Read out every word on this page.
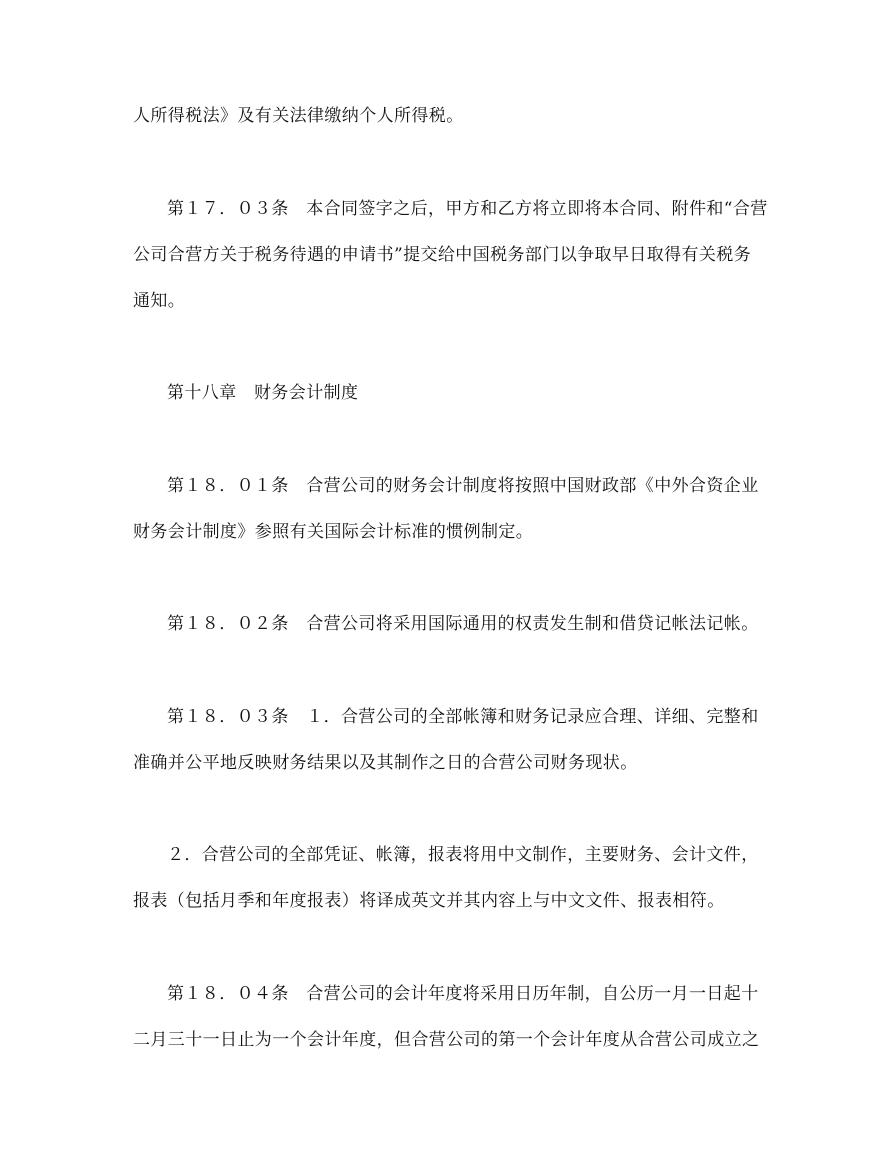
人所得税法》及有关法律缴纳个人所得税。
第１７．０３条　本合同签字之后，甲方和乙方将立即将本合同、附件和“合营
公司合营方关于税务待遇的申请书”提交给中国税务部门以争取早日取得有关税务
通知。
第十八章　财务会计制度
第１８．０１条　合营公司的财务会计制度将按照中国财政部《中外合资企业
财务会计制度》参照有关国际会计标准的惯例制定。
第１８．０２条　合营公司将采用国际通用的权责发生制和借贷记帐法记帐。
第１８．０３条　１．合营公司的全部帐簿和财务记录应合理、详细、完整和
准确并公平地反映财务结果以及其制作之日的合营公司财务现状。
２．合营公司的全部凭证、帐簿，报表将用中文制作，主要财务、会计文件，
报表（包括月季和年度报表）将译成英文并其内容上与中文文件、报表相符。
第１８．０４条　合营公司的会计年度将采用日历年制，自公历一月一日起十
二月三十一日止为一个会计年度，但合营公司的第一个会计年度从合营公司成立之
